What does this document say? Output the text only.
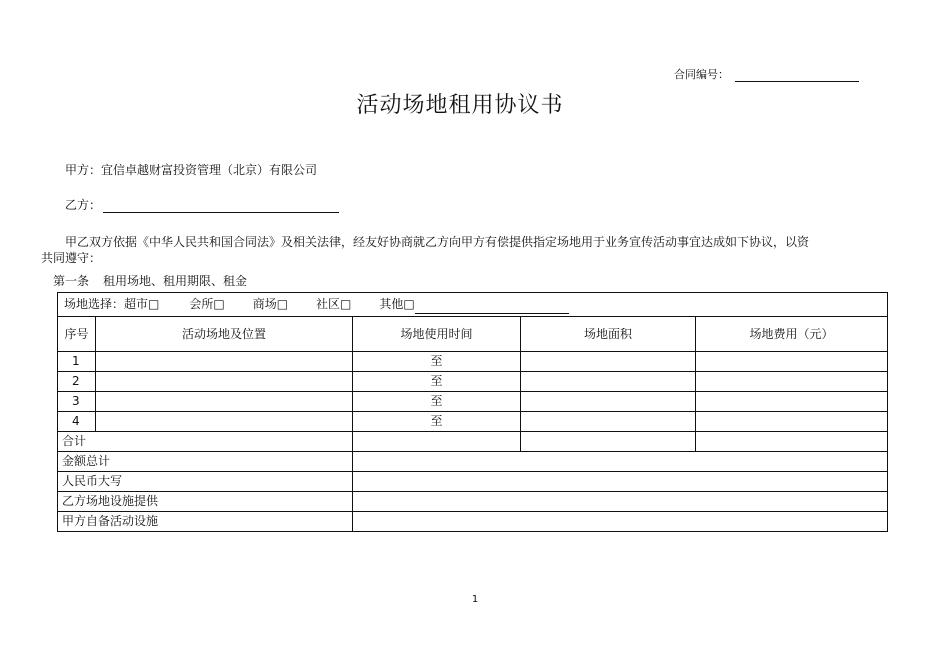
合同编号：
活动场地租用协议书
甲方：宜信卓越财富投资管理（北京）有限公司
乙方：
甲乙双方依据《中华人民共和国合同法》及相关法律，经友好协商就乙方向甲方有偿提供指定场地用于业务宣传活动事宜达成如下协议，以资
共同遵守：
第一条 租用场地、租用期限、租金
场地选择：超市□ 会所□ 商场□ 社区□ 其他□				
序号	活动场地及位置	场地使用时间	场地面积	场地费用（元）
1		至		
2		至		
3		至		
4		至		
合计				
金额总计				
人民币大写				
乙方场地设施提供				
甲方自备活动设施				
1
